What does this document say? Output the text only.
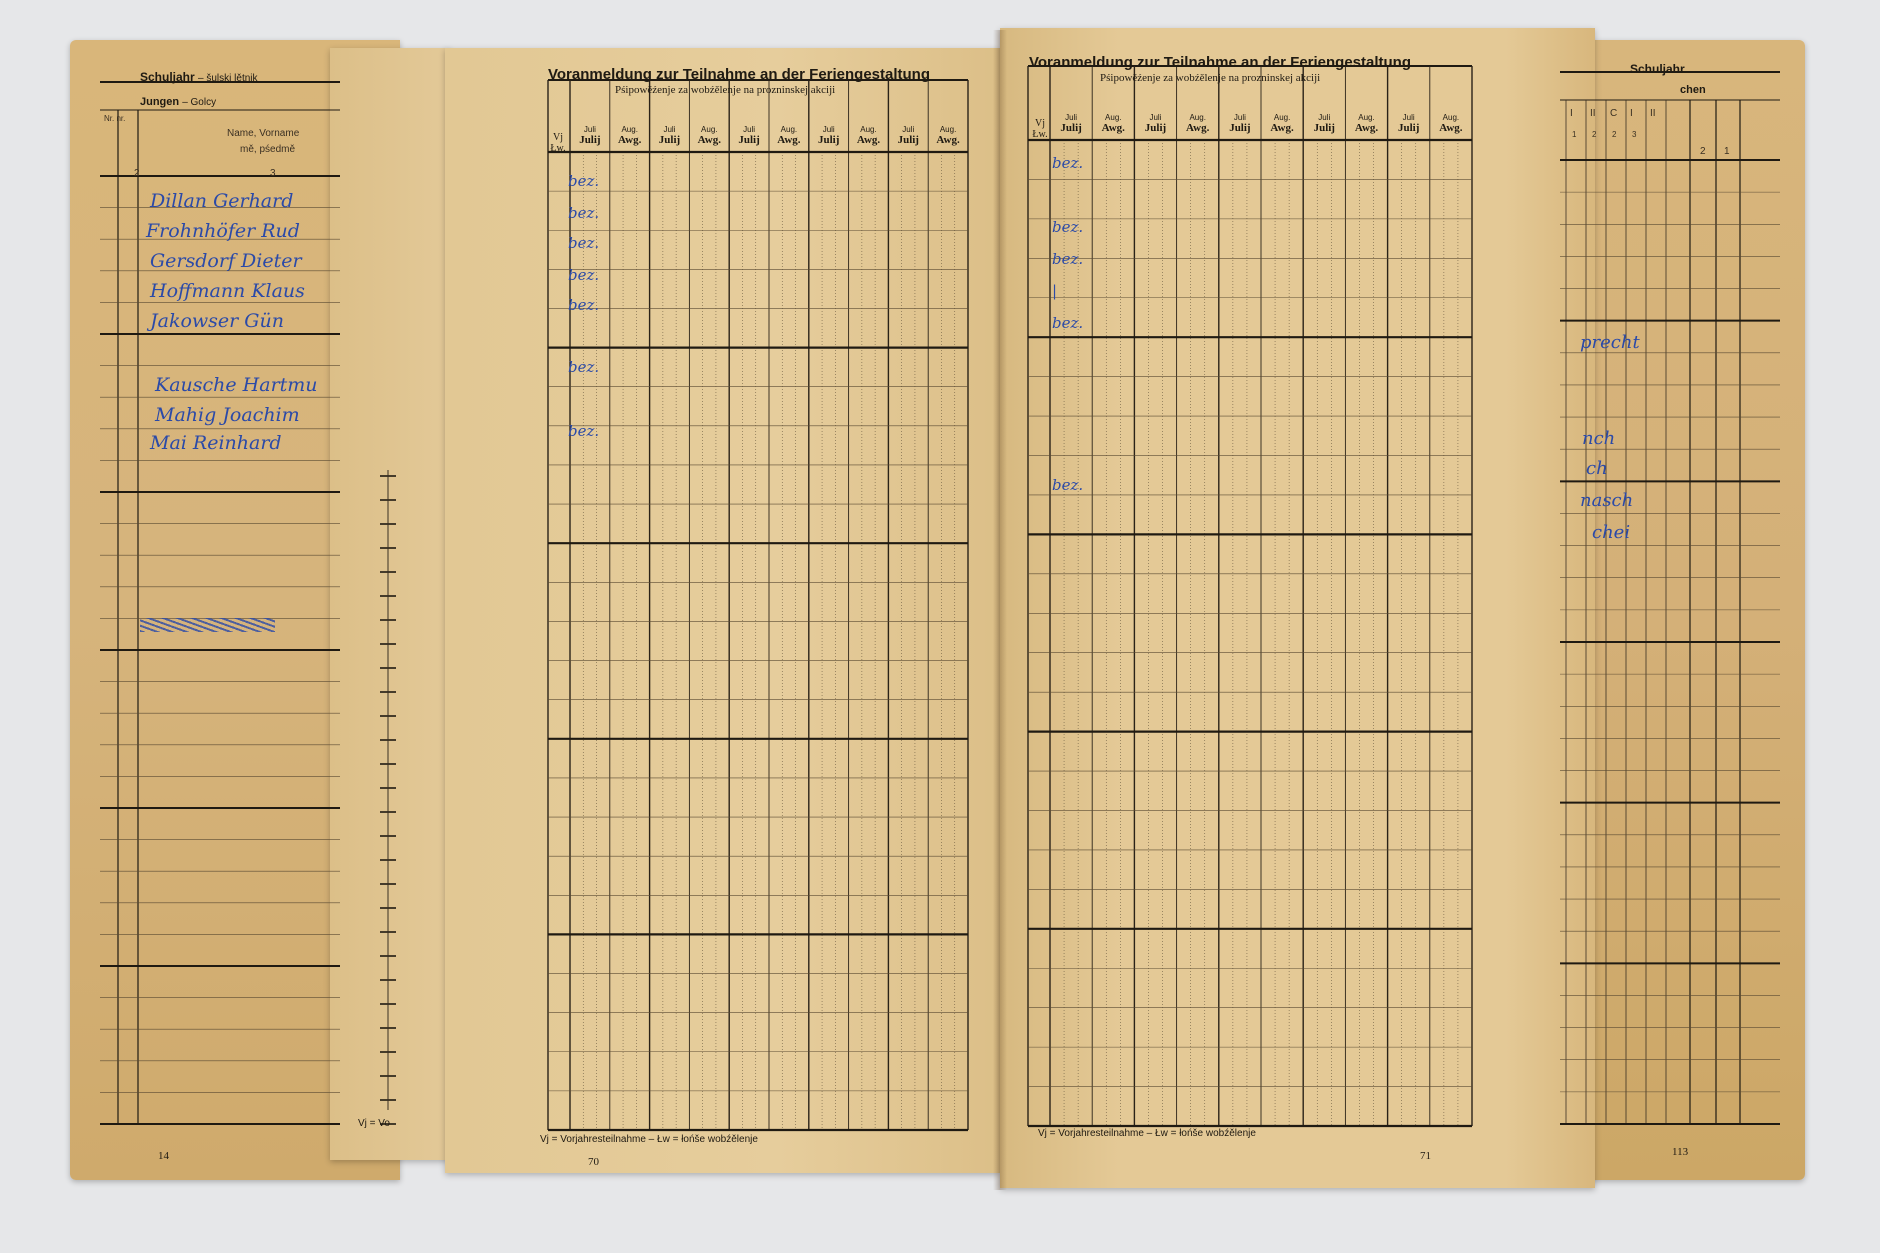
Schuljahr – šulski lětnik
Jungen – Golcy
Nr. nr.
Name, Vorname
mě, pśedmě
2	3
Dillan Gerhard
Frohnhöfer Rud
Gersdorf Dieter
Hoffmann Klaus
Jakowser Gün
Kausche Hartmu
Mahig Joachim
Mai Reinhard
Vj = Vo
14
Voranmeldung zur Teilnahme an der Feriengestaltung
Pśipowěźenje za wobźělenje na prozninskej akciji
Vj
Łw.
Juli
Julij
Aug.
Awg.
Juli
Julij
Aug.
Awg.
Juli
Julij
Aug.
Awg.
Juli
Julij
Aug.
Awg.
Juli
Julij
Aug.
Awg.
bez.
bez.
bez.
bez.
bez.
bez.
bez.
Vj = Vorjahresteilnahme – Łw = łońše wobźělenje
70
Voranmeldung zur Teilnahme an der Feriengestaltung
Pśipowěźenje za wobźělenje na prozninskej akciji
Vj
Łw.
Juli
Julij
Aug.
Awg.
Juli
Julij
Aug.
Awg.
Juli
Julij
Aug.
Awg.
Juli
Julij
Aug.
Awg.
Juli
Julij
Aug.
Awg.
bez.
bez.
bez.
|
bez.
bez.
Vj = Vorjahresteilnahme – Łw = łońše wobźělenje
71
Schuljahr
chen
I II C I II
1 2 2 3
2 1
precht
nch
ch
nasch
chei
113
